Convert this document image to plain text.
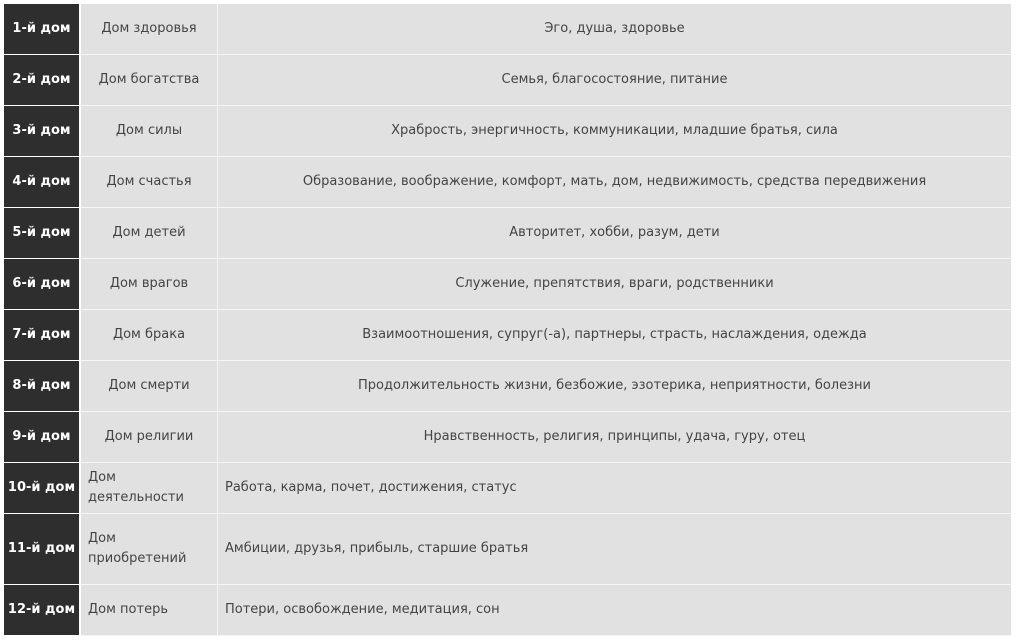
1-й дом	Дом здоровья	Эго, душа, здоровье
2-й дом	Дом богатства	Семья, благосостояние, питание
3-й дом	Дом силы	Храбрость, энергичность, коммуникации, младшие братья, сила
4-й дом	Дом счастья	Образование, воображение, комфорт, мать, дом, недвижимость, средства передвижения
5-й дом	Дом детей	Авторитет, хобби, разум, дети
6-й дом	Дом врагов	Служение, препятствия, враги, родственники
7-й дом	Дом брака	Взаимоотношения, супруг(-а), партнеры, страсть, наслаждения, одежда
8-й дом	Дом смерти	Продолжительность жизни, безбожие, эзотерика, неприятности, болезни
9-й дом	Дом религии	Нравственность, религия, принципы, удача, гуру, отец
10-й дом	Дом деятельности	Работа, карма, почет, достижения, статус
11-й дом	Дом приобретений	Амбиции, друзья, прибыль, старшие братья
12-й дом	Дом потерь	Потери, освобождение, медитация, сон
